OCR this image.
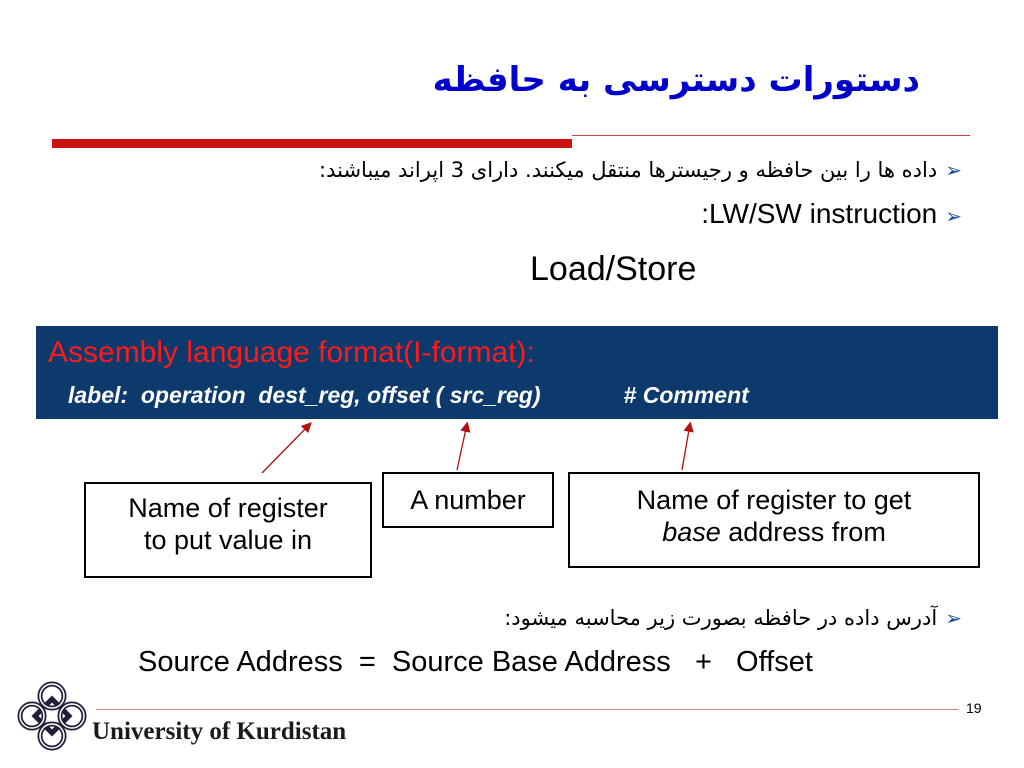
دستورات دسترسی به حافظه
➢داده ها را بین حافظه و رجیسترها منتقل میکنند. دارای 3 اپراند میباشند:
➢LW/SW instruction:
Load/Store
Assembly language format(I-format):
label:  operation  dest_reg, offset ( src_reg)             # Comment
Name of register
to put value in
A number	Name of register to get
base address from
➢آدرس داده در حافظه بصورت زیر محاسبه میشود:
Source Address  =  Source Base Address   +   Offset
University of Kurdistan
19
